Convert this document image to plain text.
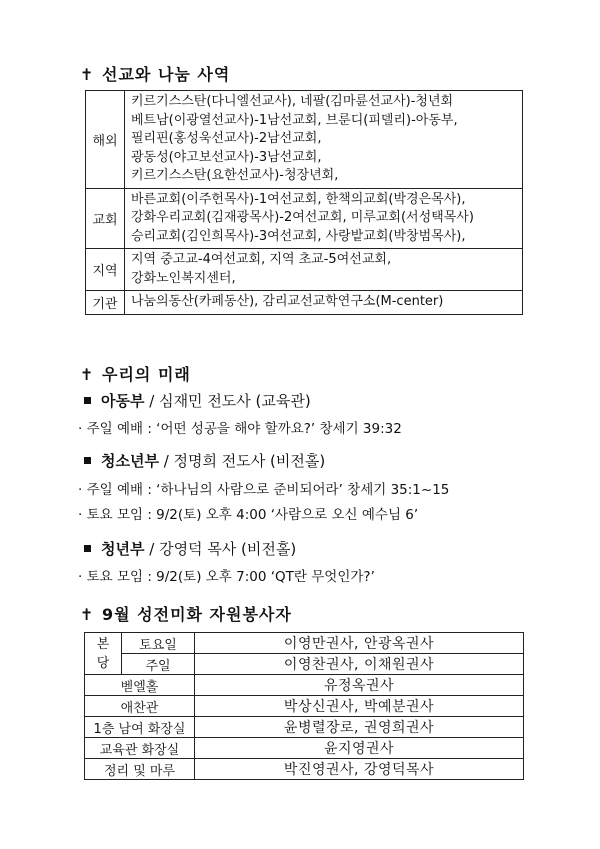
✝ 선교와 나눔 사역
해외	키르기스스탄(다니엘선교사), 네팔(김마륜선교사)-청년회
베트남(이광열선교사)-1남선교회, 브룬디(피델리)-아동부,
필리핀(홍성욱선교사)-2남선교회,
광동성(야고보선교사)-3남선교회,
키르기스스탄(요한선교사)-청장년회,

교회	바른교회(이주헌목사)-1여선교회, 한책의교회(박경은목사),
강화우리교회(김재광목사)-2여선교회, 미루교회(서성택목사)
승리교회(김인희목사)-3여선교회, 사랑밭교회(박창범목사),

지역	지역 중고교-4여선교회, 지역 초교-5여선교회,
강화노인복지센터,

기관	나눔의동산(카페동산), 감리교선교학연구소(M-center)
✝ 우리의 미래
아동부 / 심재민 전도사 (교육관)
· 주일 예배 : ‘어떤 성공을 해야 할까요?’ 창세기 39:32
청소년부 / 정명희 전도사 (비전홀)
· 주일 예배 : ‘하나님의 사람으로 준비되어라’ 창세기 35:1~15
· 토요 모임 : 9/2(토) 오후 4:00 ‘사람으로 오신 예수님 6’
청년부 / 강영덕 목사 (비전홀)
· 토요 모임 : 9/2(토) 오후 7:00 ‘QT란 무엇인가?’
✝ 9월 성전미화 자원봉사자
본
당	토요일	이영만권사, 안광옥권사
	주일	이영찬권사, 이채원권사
벧엘홀		유정옥권사
애찬관		박상신권사, 박예분권사
1층 남여 화장실		윤병렬장로, 권영희권사
교육관 화장실		윤지영권사
정리 및 마루		박진영권사, 강영덕목사
